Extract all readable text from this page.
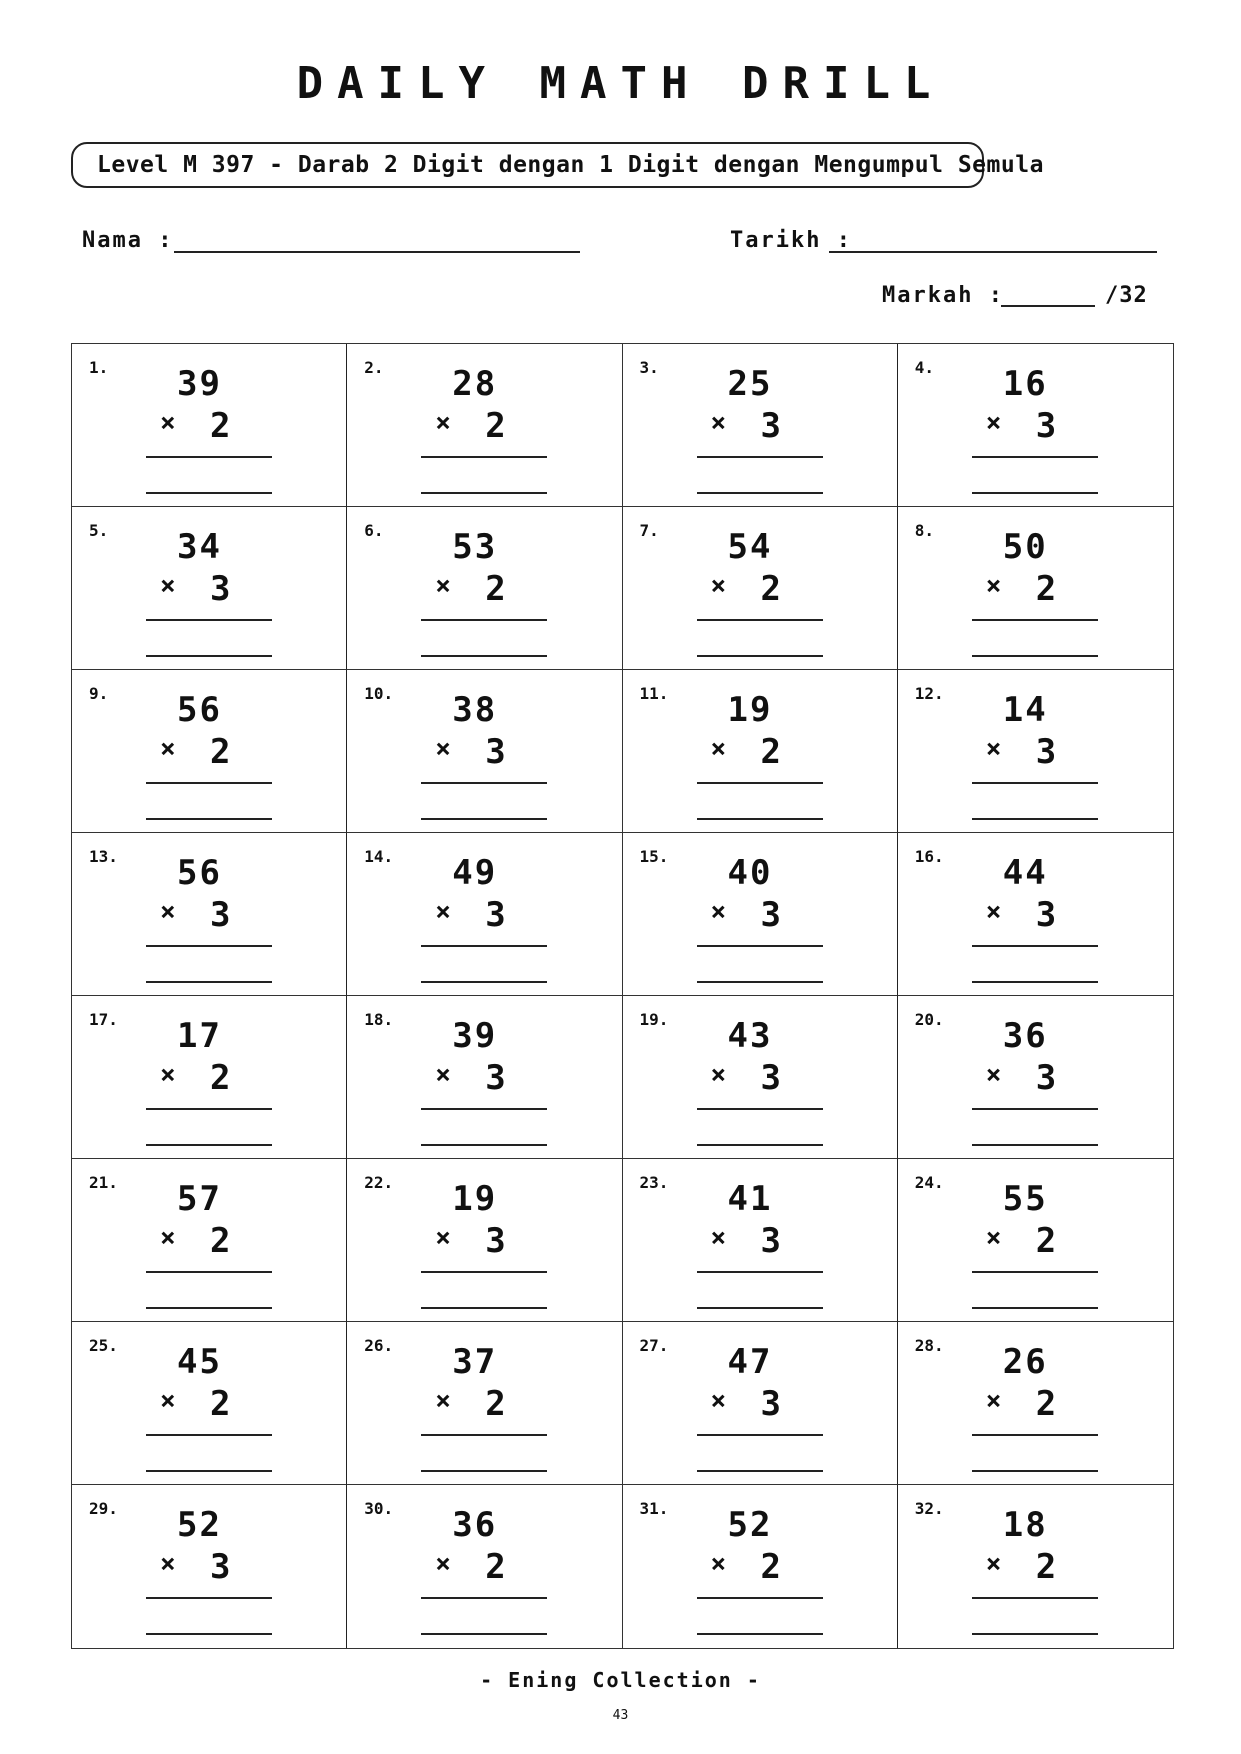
DAILY MATH DRILL
Level M 397 - Darab 2 Digit dengan 1 Digit dengan Mengumpul Semula
Nama :	Tarikh :
Markah :	/32
1. 39
× 2
2. 28
× 2
3. 25
× 3
4. 16
× 3
5. 34
× 3
6. 53
× 2
7. 54
× 2
8. 50
× 2
9. 56
× 2
10. 38
× 3
11. 19
× 2
12. 14
× 3
13. 56
× 3
14. 49
× 3
15. 40
× 3
16. 44
× 3
17. 17
× 2
18. 39
× 3
19. 43
× 3
20. 36
× 3
21. 57
× 2
22. 19
× 3
23. 41
× 3
24. 55
× 2
25. 45
× 2
26. 37
× 2
27. 47
× 3
28. 26
× 2
29. 52
× 3
30. 36
× 2
31. 52
× 2
32. 18
× 2
- Ening Collection -
43
